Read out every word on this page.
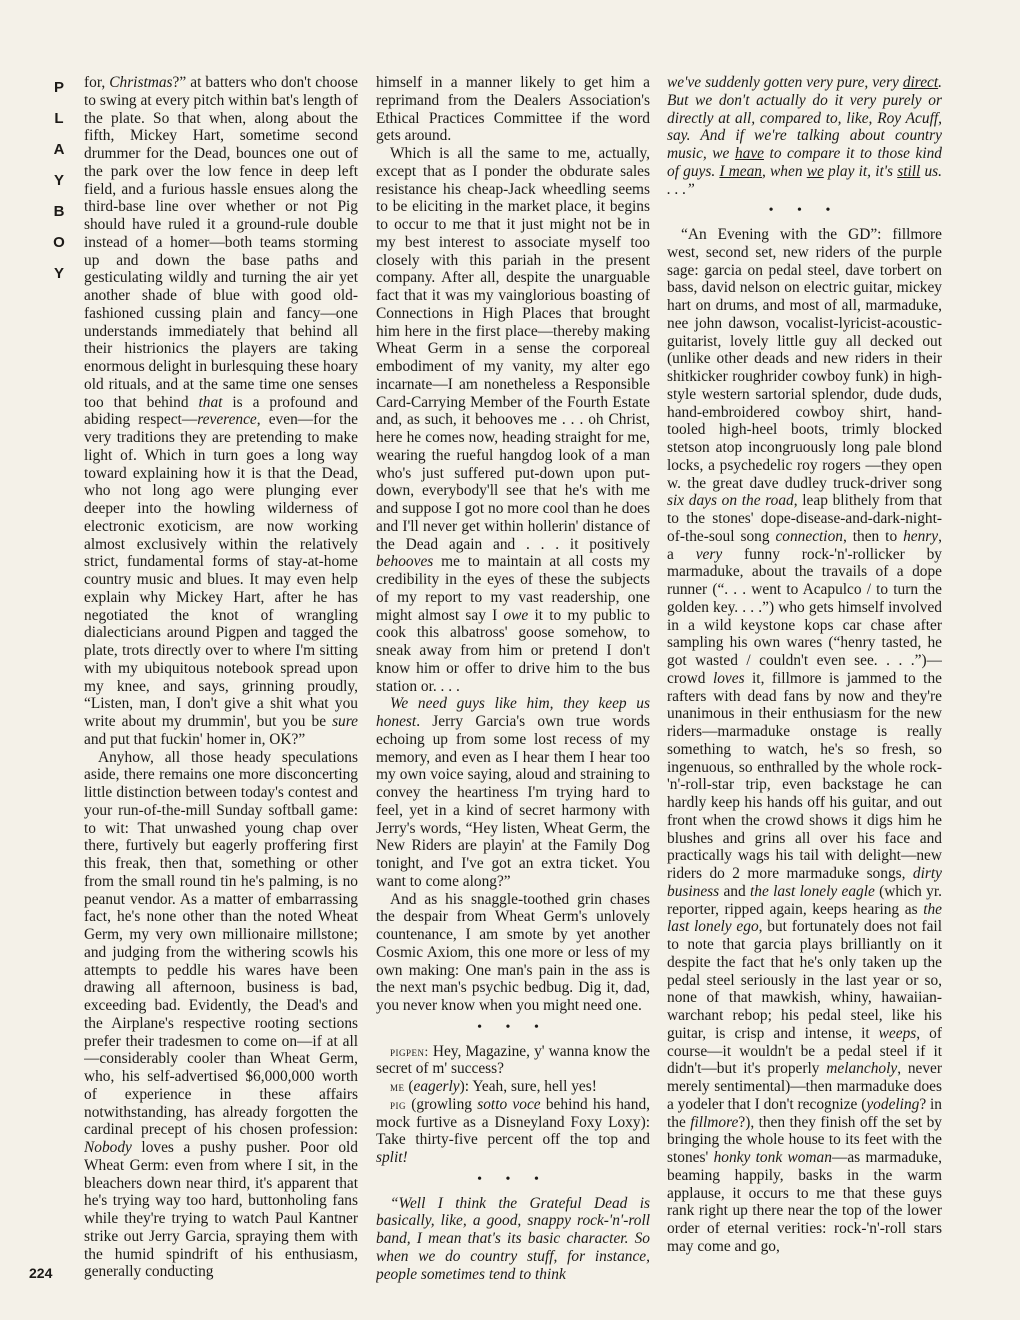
P
L
A
Y
B
O
Y
224

for, Christmas?” at batters who don't choose to swing at every pitch within bat's length of the plate. So that when, along about the fifth, Mickey Hart, sometime second drummer for the Dead, bounces one out of the park over the low fence in deep left field, and a furious hassle ensues along the third-base line over whether or not Pig should have ruled it a ground-rule double instead of a homer—both teams storming up and down the base paths and gesticulating wildly and turning the air yet another shade of blue with good old-fashioned cussing plain and fancy—one understands immediately that behind all their histrionics the players are taking enormous delight in burlesquing these hoary old rituals, and at the same time one senses too that behind that is a profound and abiding respect—reverence, even—for the very traditions they are pretending to make light of. Which in turn goes a long way toward explaining how it is that the Dead, who not long ago were plunging ever deeper into the howling wilderness of electronic exoticism, are now working almost exclusively within the relatively strict, fundamental forms of stay-at-home country music and blues. It may even help explain why Mickey Hart, after he has negotiated the knot of wrangling dialecticians around Pigpen and tagged the plate, trots directly over to where I'm sitting with my ubiquitous notebook spread upon my knee, and says, grinning proudly, “Listen, man, I don't give a shit what you write about my drummin', but you be sure and put that fuckin' homer in, OK?”

Anyhow, all those heady speculations aside, there remains one more disconcerting little distinction between today's contest and your run-of-the-mill Sunday softball game: to wit: That unwashed young chap over there, furtively but eagerly proffering first this freak, then that, something or other from the small round tin he's palming, is no peanut vendor. As a matter of embarrassing fact, he's none other than the noted Wheat Germ, my very own millionaire millstone; and judging from the withering scowls his attempts to peddle his wares have been drawing all afternoon, business is bad, exceeding bad. Evidently, the Dead's and the Airplane's respective rooting sections prefer their tradesmen to come on—if at all—considerably cooler than Wheat Germ, who, his self-advertised $6,000,000 worth of experience in these affairs notwithstanding, has already forgotten the cardinal precept of his chosen profession: Nobody loves a pushy pusher. Poor old Wheat Germ: even from where I sit, in the bleachers down near third, it's apparent that he's trying way too hard, buttonholing fans while they're trying to watch Paul Kantner strike out Jerry Garcia, spraying them with the humid spindrift of his enthusiasm, generally conducting

himself in a manner likely to get him a reprimand from the Dealers Association's Ethical Practices Committee if the word gets around.

Which is all the same to me, actually, except that as I ponder the obdurate sales resistance his cheap-Jack wheedling seems to be eliciting in the market place, it begins to occur to me that it just might not be in my best interest to associate myself too closely with this pariah in the present company. After all, despite the unarguable fact that it was my vainglorious boasting of Connections in High Places that brought him here in the first place—thereby making Wheat Germ in a sense the corporeal embodiment of my vanity, my alter ego incarnate—I am nonetheless a Responsible Card-Carrying Member of the Fourth Estate and, as such, it behooves me . . . oh Christ, here he comes now, heading straight for me, wearing the rueful hangdog look of a man who's just suffered put-down upon put-down, everybody'll see that he's with me and suppose I got no more cool than he does and I'll never get within hollerin' distance of the Dead again and . . . it positively behooves me to maintain at all costs my credibility in the eyes of these the subjects of my report to my vast readership, one might almost say I owe it to my public to cook this albatross' goose somehow, to sneak away from him or pretend I don't know him or offer to drive him to the bus station or. . . .

We need guys like him, they keep us honest. Jerry Garcia's own true words echoing up from some lost recess of my memory, and even as I hear them I hear too my own voice saying, aloud and straining to convey the heartiness I'm trying hard to feel, yet in a kind of secret harmony with Jerry's words, “Hey listen, Wheat Germ, the New Riders are playin' at the Family Dog tonight, and I've got an extra ticket. You want to come along?”

And as his snaggle-toothed grin chases the despair from Wheat Germ's unlovely countenance, I am smote by yet another Cosmic Axiom, this one more or less of my own making: One man's pain in the ass is the next man's psychic bedbug. Dig it, dad, you never know when you might need one.

• • •

pigpen: Hey, Magazine, y' wanna know the secret of m' success?

me (eagerly): Yeah, sure, hell yes!

pig (growling sotto voce behind his hand, mock furtive as a Disneyland Foxy Loxy): Take thirty-five percent off the top and split!

• • •

“Well I think the Grateful Dead is basically, like, a good, snappy rock-'n'-roll band, I mean that's its basic character. So when we do country stuff, for instance, people sometimes tend to think

we've suddenly gotten very pure, very direct. But we don't actually do it very purely or directly at all, compared to, like, Roy Acuff, say. And if we're talking about country music, we have to compare it to those kind of guys. I mean, when we play it, it's still us. . . .”

• • •

“An Evening with the GD”: fillmore west, second set, new riders of the purple sage: garcia on pedal steel, dave torbert on bass, david nelson on electric guitar, mickey hart on drums, and most of all, marmaduke, nee john dawson, vocalist-lyricist-acoustic-guitarist, lovely little guy all decked out (unlike other deads and new riders in their shitkicker roughrider cowboy funk) in high-style western sartorial splendor, dude duds, hand-embroidered cowboy shirt, hand-tooled high-heel boots, trimly blocked stetson atop incongruously long pale blond locks, a psychedelic roy rogers —they open w. the great dave dudley truck-driver song six days on the road, leap blithely from that to the stones' dope-disease-and-dark-night-of-the-soul song connection, then to henry, a very funny rock-'n'-rollicker by marmaduke, about the travails of a dope runner (“. . . went to Acapulco / to turn the golden key. . . .”) who gets himself involved in a wild keystone kops car chase after sampling his own wares (“henry tasted, he got wasted / couldn't even see. . . .”)—crowd loves it, fillmore is jammed to the rafters with dead fans by now and they're unanimous in their enthusiasm for the new riders—marmaduke onstage is really something to watch, he's so fresh, so ingenuous, so enthralled by the whole rock-'n'-roll-star trip, even backstage he can hardly keep his hands off his guitar, and out front when the crowd shows it digs him he blushes and grins all over his face and practically wags his tail with delight—new riders do 2 more marmaduke songs, dirty business and the last lonely eagle (which yr. reporter, ripped again, keeps hearing as the last lonely ego, but fortunately does not fail to note that garcia plays brilliantly on it despite the fact that he's only taken up the pedal steel seriously in the last year or so, none of that mawkish, whiny, hawaiian-warchant rebop; his pedal steel, like his guitar, is crisp and intense, it weeps, of course—it wouldn't be a pedal steel if it didn't—but it's properly melancholy, never merely sentimental)—then marmaduke does a yodeler that I don't recognize (yodeling? in the fillmore?), then they finish off the set by bringing the whole house to its feet with the stones' honky tonk woman—as marmaduke, beaming happily, basks in the warm applause, it occurs to me that these guys rank right up there near the top of the lower order of eternal verities: rock-'n'-roll stars may come and go,
